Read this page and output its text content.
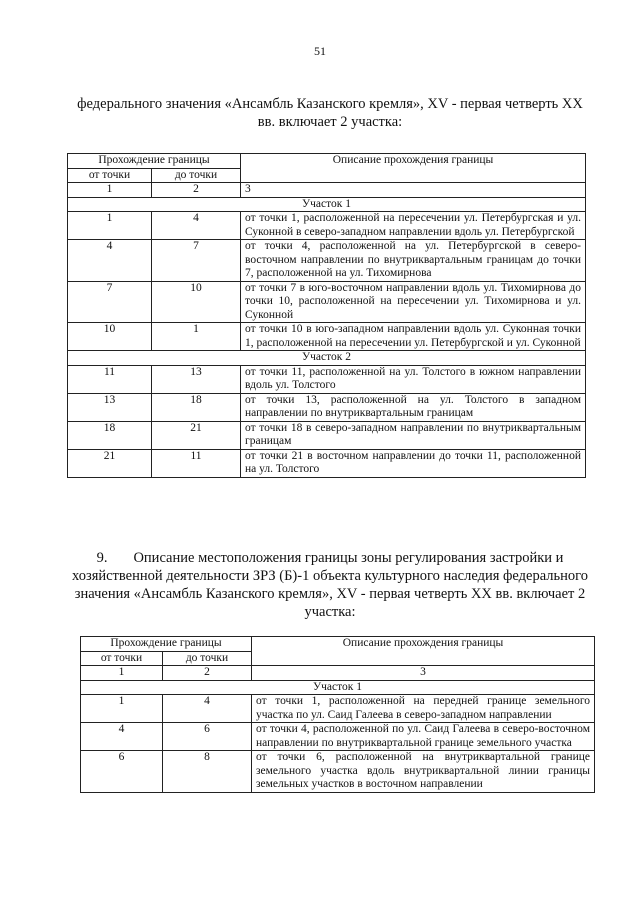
51
федерального значения «Ансамбль Казанского кремля», XV - первая четверть XX вв. включает 2 участка:
Прохождение границы		Описание прохождения границы
от точки	до точки	
1	2	3
Участок 1		
1	4	от точки 1, расположенной на пересечении ул. Петербургская и ул. Суконной в северо-западном направлении вдоль ул. Петербургской
4	7	от точки 4, расположенной на ул. Петербургской в северо-восточном направлении по внутриквартальным границам до точки 7, расположенной на ул. Тихомирнова
7	10	от точки 7 в юго-восточном направлении вдоль ул. Тихомирнова до точки 10, расположенной на пересечении ул. Тихомирнова и ул. Суконной
10	1	от точки 10 в юго-западном направлении вдоль ул. Суконная точки 1, расположенной на пересечении ул. Петербургской и ул. Суконной
Участок 2		
11	13	от точки 11, расположенной на ул. Толстого в южном направлении вдоль ул. Толстого
13	18	от точки 13, расположенной на ул. Толстого в западном направлении по внутриквартальным границам
18	21	от точки 18 в северо-западном направлении по внутриквартальным границам
21	11	от точки 21 в восточном направлении до точки 11, расположенной на ул. Толстого
9. Описание местоположения границы зоны регулирования застройки и хозяйственной деятельности ЗРЗ (Б)-1 объекта культурного наследия федерального значения «Ансамбль Казанского кремля», XV - первая четверть XX вв. включает 2 участка:
Прохождение границы		Описание прохождения границы
от точки	до точки	
1	2	3
Участок 1		
1	4	от точки 1, расположенной на передней границе земельного участка по ул. Саид Галеева в северо-западном направлении
4	6	от точки 4, расположенной по ул. Саид Галеева в северо-восточном направлении по внутриквартальной границе земельного участка
6	8	от точки 6, расположенной на внутриквартальной границе земельного участка вдоль внутриквартальной линии границы земельных участков в восточном направлении
